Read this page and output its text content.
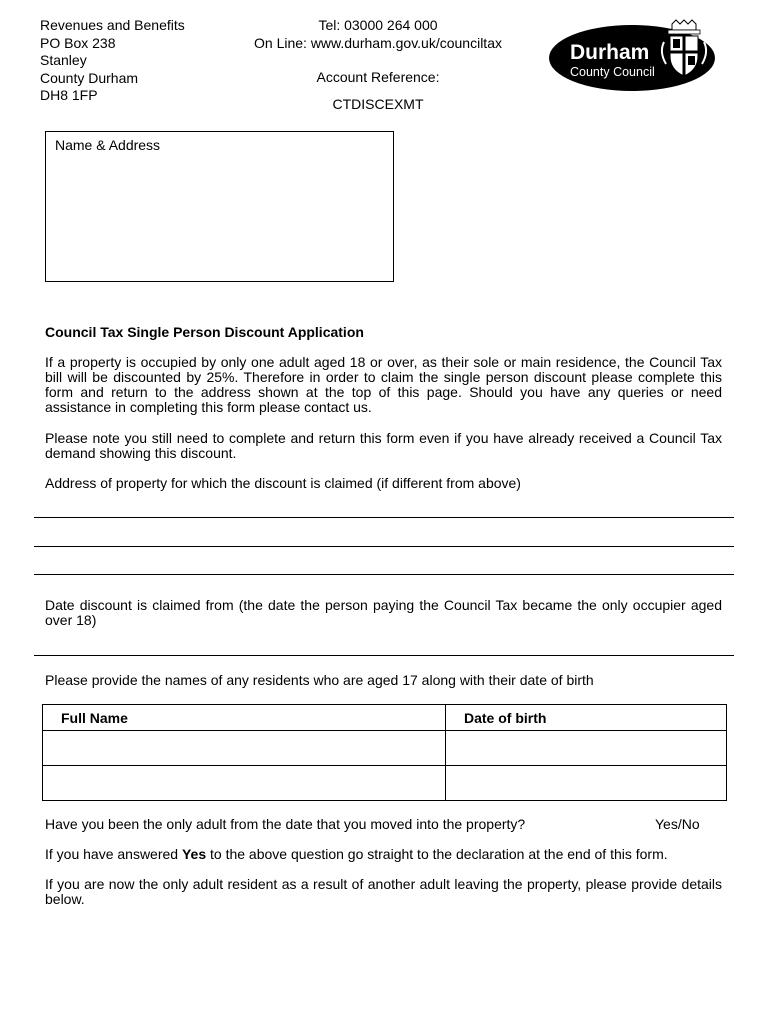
Revenues and Benefits
PO Box 238
Stanley
County Durham
DH8 1FP
Tel: 03000 264 000
On Line: www.durham.gov.uk/counciltax
Account Reference:
CTDISCEXMT
Durham
County Council
Name & Address
Council Tax Single Person Discount Application
If a property is occupied by only one adult aged 18 or over, as their sole or main residence, the Council Tax bill will be discounted by 25%. Therefore in order to claim the single person discount please complete this form and return to the address shown at the top of this page. Should you have any queries or need assistance in completing this form please contact us.
Please note you still need to complete and return this form even if you have already received a Council Tax demand showing this discount.
Address of property for which the discount is claimed (if different from above)
Date discount is claimed from (the date the person paying the Council Tax became the only occupier aged over 18)
Please provide the names of any residents who are aged 17 along with their date of birth
Full Name	Date of birth

Have you been the only adult from the date that you moved into the property?	Yes/No
If you have answered Yes to the above question go straight to the declaration at the end of this form.
If you are now the only adult resident as a result of another adult leaving the property, please provide details below.
